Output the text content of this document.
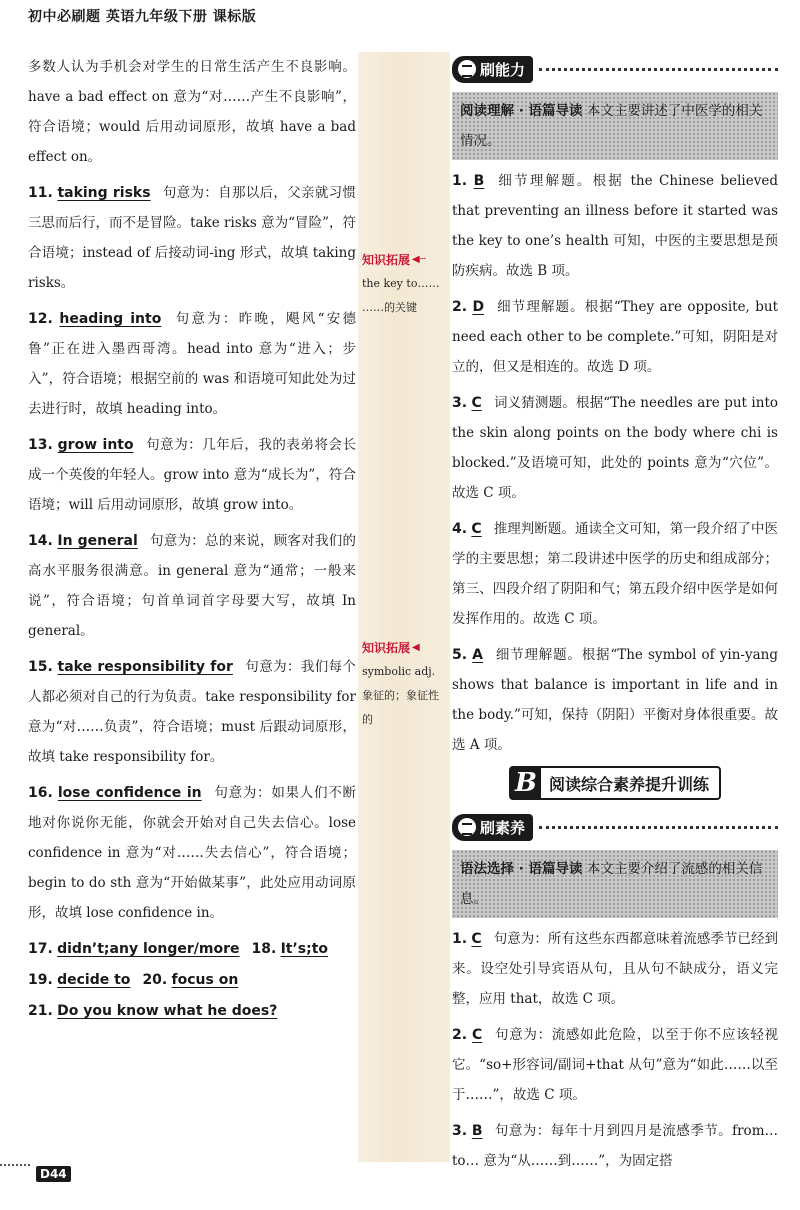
初中必刷题 英语九年级下册 课标版

多数人认为手机会对学生的日常生活产生不良影响。have a bad effect on 意为“对……产生不良影响”，符合语境；would 后用动词原形，故填 have a bad effect on。

11. taking risks 句意为：自那以后，父亲就习惯三思而后行，而不是冒险。take risks 意为“冒险”，符合语境；instead of 后接动词-ing 形式，故填 taking risks。

12. heading into 句意为：昨晚，飓风“安德鲁”正在进入墨西哥湾。head into 意为“进入；步入”，符合语境；根据空前的 was 和语境可知此处为过去进行时，故填 heading into。

13. grow into 句意为：几年后，我的表弟将会长成一个英俊的年轻人。grow into 意为“成长为”，符合语境；will 后用动词原形，故填 grow into。

14. In general 句意为：总的来说，顾客对我们的高水平服务很满意。in general 意为“通常；一般来说”，符合语境；句首单词首字母要大写，故填 In general。

15. take responsibility for 句意为：我们每个人都必须对自己的行为负责。take responsibility for 意为“对……负责”，符合语境；must 后跟动词原形，故填 take responsibility for。

16. lose confidence in 句意为：如果人们不断地对你说你无能，你就会开始对自己失去信心。lose confidence in 意为“对……失去信心”，符合语境；begin to do sth 意为“开始做某事”，此处应用动词原形，故填 lose confidence in。

17. didn’t;any longer/more 18. It’s;to

19. decide to 20. focus on

21. Do you know what he does?

知识拓展 ◀┄
the key to…… ……的关键
知识拓展 ◀
symbolic adj. 象征的；象征性的
刷能力
阅读理解 · 语篇导读 本文主要讲述了中医学的相关情况。

1. B 细节理解题。根据 the Chinese believed that preventing an illness before it started was the key to one’s health 可知，中医的主要思想是预防疾病。故选 B 项。

2. D 细节理解题。根据“They are opposite, but need each other to be complete.”可知，阴阳是对立的，但又是相连的。故选 D 项。

3. C 词义猜测题。根据“The needles are put into the skin along points on the body where chi is blocked.”及语境可知，此处的 points 意为“穴位”。故选 C 项。

4. C 推理判断题。通读全文可知，第一段介绍了中医学的主要思想；第二段讲述中医学的历史和组成部分；第三、四段介绍了阴阳和气；第五段介绍中医学是如何发挥作用的。故选 C 项。

5. A 细节理解题。根据“The symbol of yin-yang shows that balance is important in life and in the body.”可知，保持（阴阳）平衡对身体很重要。故选 A 项。

B 阅读综合素养提升训练
刷素养
语法选择 · 语篇导读 本文主要介绍了流感的相关信息。

1. C 句意为：所有这些东西都意味着流感季节已经到来。设空处引导宾语从句，且从句不缺成分，语义完整，应用 that，故选 C 项。

2. C 句意为：流感如此危险，以至于你不应该轻视它。“so+形容词/副词+that 从句”意为“如此……以至于……”，故选 C 项。

3. B 句意为：每年十月到四月是流感季节。from… to… 意为“从……到……”，为固定搭

D44
